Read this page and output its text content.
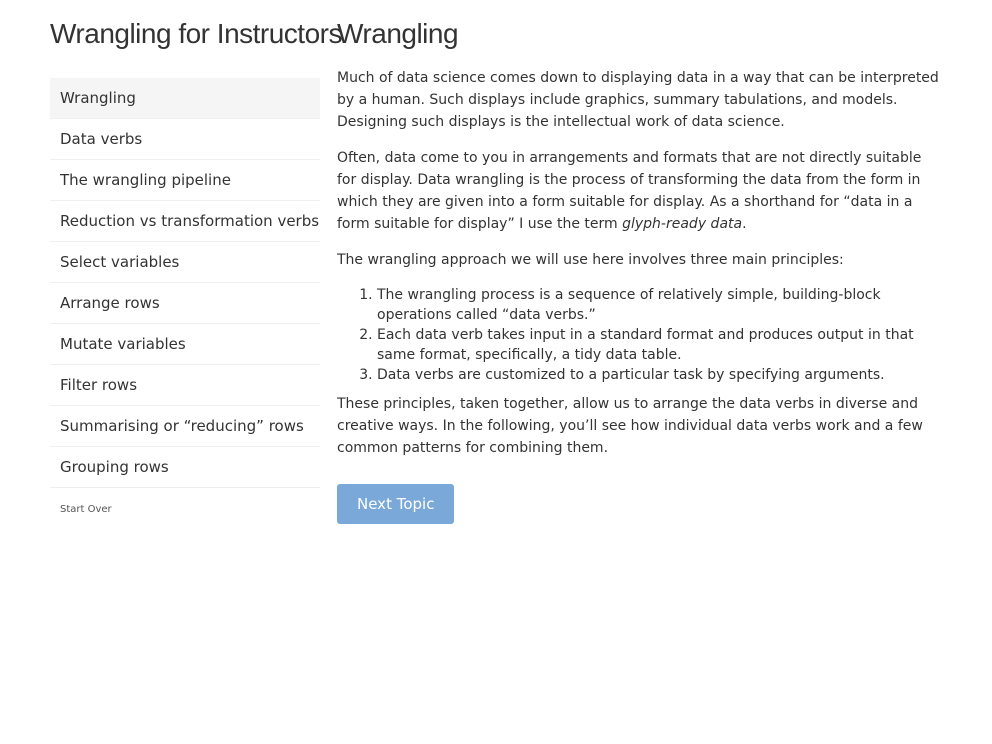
Wrangling for Instructors
Wrangling
Wrangling
Data verbs
The wrangling pipeline
Reduction vs transformation verbs
Select variables
Arrange rows
Mutate variables
Filter rows
Summarising or “reducing” rows
Grouping rows
Start Over

Much of data science comes down to displaying data in a way that can be interpreted by a human. Such displays include graphics, summary tabulations, and models. Designing such displays is the intellectual work of data science.

Often, data come to you in arrangements and formats that are not directly suitable for display. Data wrangling is the process of transforming the data from the form in which they are given into a form suitable for display. As a shorthand for “data in a form suitable for display” I use the term glyph-ready data.

The wrangling approach we will use here involves three main principles:

1. The wrangling process is a sequence of relatively simple, building-block operations called “data verbs.”
2. Each data verb takes input in a standard format and produces output in that same format, specifically, a tidy data table.
3. Data verbs are customized to a particular task by specifying arguments.

These principles, taken together, allow us to arrange the data verbs in diverse and creative ways. In the following, you’ll see how individual data verbs work and a few common patterns for combining them.

Next Topic
